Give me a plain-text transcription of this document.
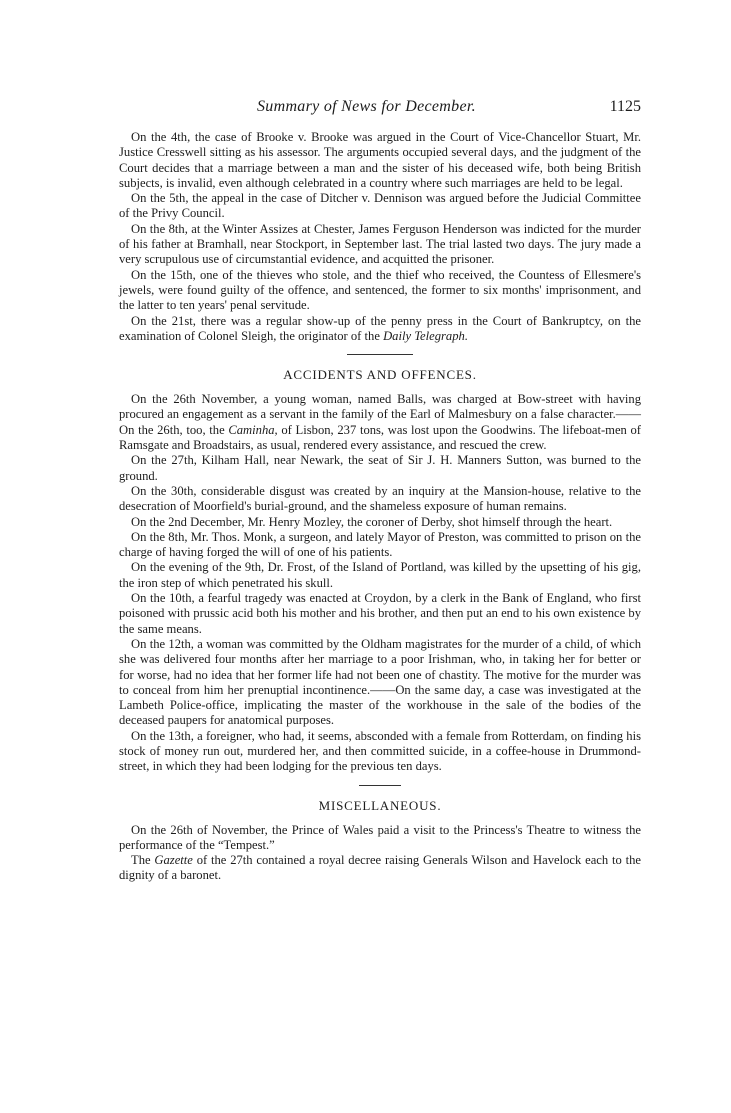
Summary of News for December.	1125

On the 4th, the case of Brooke v. Brooke was argued in the Court of Vice-Chancellor Stuart, Mr. Justice Cresswell sitting as his assessor. The arguments occupied several days, and the judgment of the Court decides that a marriage between a man and the sister of his deceased wife, both being British subjects, is invalid, even although celebrated in a country where such marriages are held to be legal.

On the 5th, the appeal in the case of Ditcher v. Dennison was argued before the Judicial Committee of the Privy Council.

On the 8th, at the Winter Assizes at Chester, James Ferguson Henderson was indicted for the murder of his father at Bramhall, near Stockport, in September last. The trial lasted two days. The jury made a very scrupulous use of circumstantial evidence, and acquitted the prisoner.

On the 15th, one of the thieves who stole, and the thief who received, the Countess of Ellesmere's jewels, were found guilty of the offence, and sentenced, the former to six months' imprisonment, and the latter to ten years' penal servitude.

On the 21st, there was a regular show-up of the penny press in the Court of Bankruptcy, on the examination of Colonel Sleigh, the originator of the Daily Telegraph.

ACCIDENTS AND OFFENCES.

On the 26th November, a young woman, named Balls, was charged at Bow-street with having procured an engagement as a servant in the family of the Earl of Malmesbury on a false character.—— On the 26th, too, the Caminha, of Lisbon, 237 tons, was lost upon the Goodwins. The lifeboat-men of Ramsgate and Broadstairs, as usual, rendered every assistance, and rescued the crew.

On the 27th, Kilham Hall, near Newark, the seat of Sir J. H. Manners Sutton, was burned to the ground.

On the 30th, considerable disgust was created by an inquiry at the Mansion-house, relative to the desecration of Moorfield's burial-ground, and the shameless exposure of human remains.

On the 2nd December, Mr. Henry Mozley, the coroner of Derby, shot himself through the heart.

On the 8th, Mr. Thos. Monk, a surgeon, and lately Mayor of Preston, was committed to prison on the charge of having forged the will of one of his patients.

On the evening of the 9th, Dr. Frost, of the Island of Portland, was killed by the upsetting of his gig, the iron step of which penetrated his skull.

On the 10th, a fearful tragedy was enacted at Croydon, by a clerk in the Bank of England, who first poisoned with prussic acid both his mother and his brother, and then put an end to his own existence by the same means.

On the 12th, a woman was committed by the Oldham magistrates for the murder of a child, of which she was delivered four months after her marriage to a poor Irishman, who, in taking her for better or for worse, had no idea that her former life had not been one of chastity. The motive for the murder was to conceal from him her prenuptial incontinence.——On the same day, a case was investigated at the Lambeth Police-office, implicating the master of the workhouse in the sale of the bodies of the deceased paupers for anatomical purposes.

On the 13th, a foreigner, who had, it seems, absconded with a female from Rotterdam, on finding his stock of money run out, murdered her, and then committed suicide, in a coffee-house in Drummond-street, in which they had been lodging for the previous ten days.

MISCELLANEOUS.

On the 26th of November, the Prince of Wales paid a visit to the Princess's Theatre to witness the performance of the “Tempest.”

The Gazette of the 27th contained a royal decree raising Generals Wilson and Havelock each to the dignity of a baronet.
